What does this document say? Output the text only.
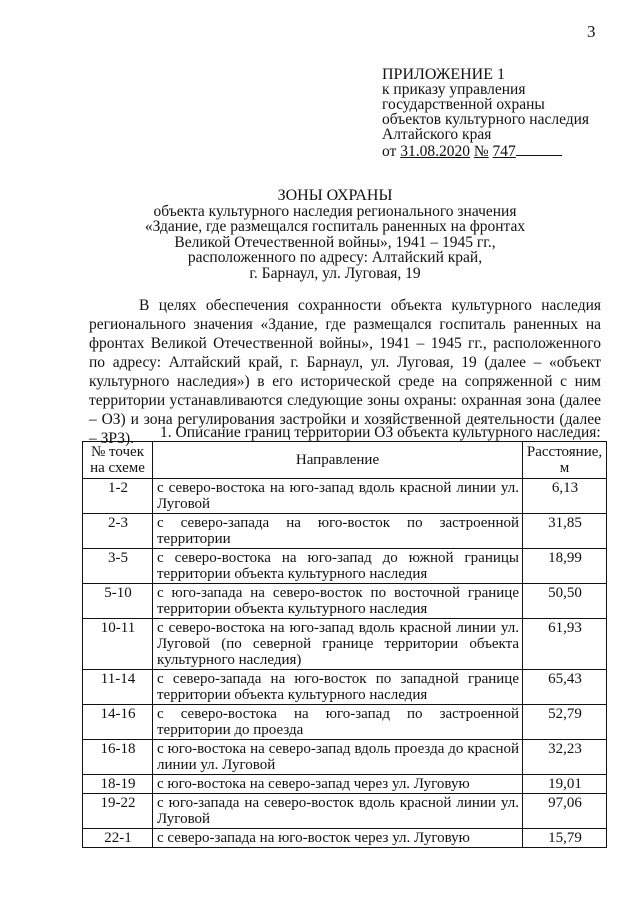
3
ПРИЛОЖЕНИЕ 1
к приказу управления
государственной охраны
объектов культурного наследия
Алтайского края
от 31.08.2020 № 747
ЗОНЫ ОХРАНЫ
объекта культурного наследия регионального значения
«Здание, где размещался госпиталь раненных на фронтах
Великой Отечественной войны», 1941 – 1945 гг.,
расположенного по адресу: Алтайский край,
г. Барнаул, ул. Луговая, 19
В целях обеспечения сохранности объекта культурного наследия регионального значения «Здание, где размещался госпиталь раненных на фронтах Великой Отечественной войны», 1941 – 1945 гг., расположенного по адресу: Алтайский край, г. Барнаул, ул. Луговая, 19 (далее – «объект культурного наследия») в его исторической среде на сопряженной с ним территории устанавливаются следующие зоны охраны: охранная зона (далее – ОЗ) и зона регулирования застройки и хозяйственной деятельности (далее – ЗРЗ).	1. Описание границ территории ОЗ объекта культурного наследия:
№ точек
на схеме	Направление	Расстояние,
м
1-2	с северо-востока на юго-запад вдоль красной линии ул. Луговой	6,13
2-3	с северо-запада на юго-восток по застроенной территории	31,85
3-5	с северо-востока на юго-запад до южной границы территории объекта культурного наследия	18,99
5-10	с юго-запада на северо-восток по восточной границе территории объекта культурного наследия	50,50
10-11	с северо-востока на юго-запад вдоль красной линии ул. Луговой (по северной границе территории объекта культурного наследия)	61,93
11-14	с северо-запада на юго-восток по западной границе территории объекта культурного наследия	65,43
14-16	с северо-востока на юго-запад по застроенной территории до проезда	52,79
16-18	с юго-востока на северо-запад вдоль проезда до красной линии ул. Луговой	32,23
18-19	с юго-востока на северо-запад через ул. Луговую	19,01
19-22	с юго-запада на северо-восток вдоль красной линии ул. Луговой	97,06
22-1	с северо-запада на юго-восток через ул. Луговую	15,79
